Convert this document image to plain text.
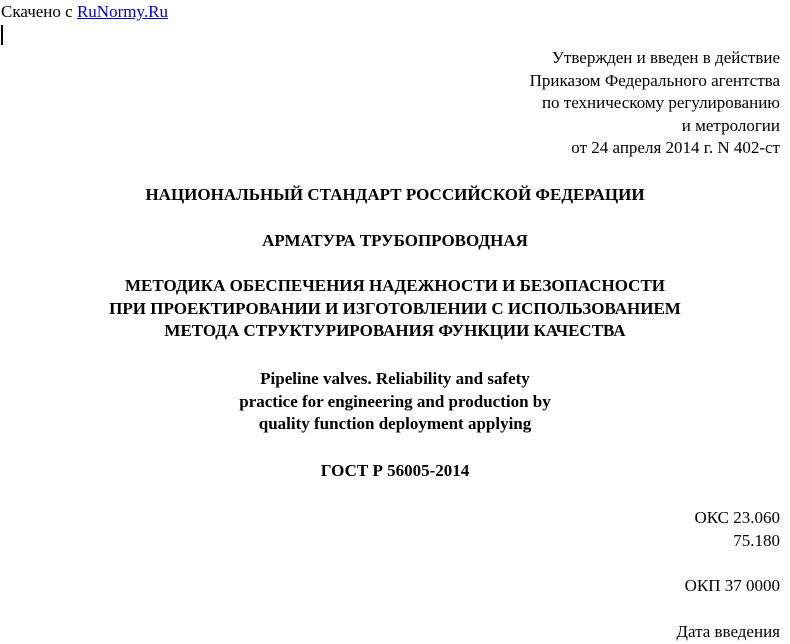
Скачено с RuNormy.Ru
Утвержден и введен в действие
Приказом Федерального агентства
по техническому регулированию
и метрологии
от 24 апреля 2014 г. N 402-ст
НАЦИОНАЛЬНЫЙ СТАНДАРТ РОССИЙСКОЙ ФЕДЕРАЦИИ
АРМАТУРА ТРУБОПРОВОДНАЯ
МЕТОДИКА ОБЕСПЕЧЕНИЯ НАДЕЖНОСТИ И БЕЗОПАСНОСТИ
ПРИ ПРОЕКТИРОВАНИИ И ИЗГОТОВЛЕНИИ С ИСПОЛЬЗОВАНИЕМ
МЕТОДА СТРУКТУРИРОВАНИЯ ФУНКЦИИ КАЧЕСТВА
Pipeline valves. Reliability and safety
practice for engineering and production by
quality function deployment applying
ГОСТ Р 56005-2014
ОКС 23.060
75.180
ОКП 37 0000
Дата введения
